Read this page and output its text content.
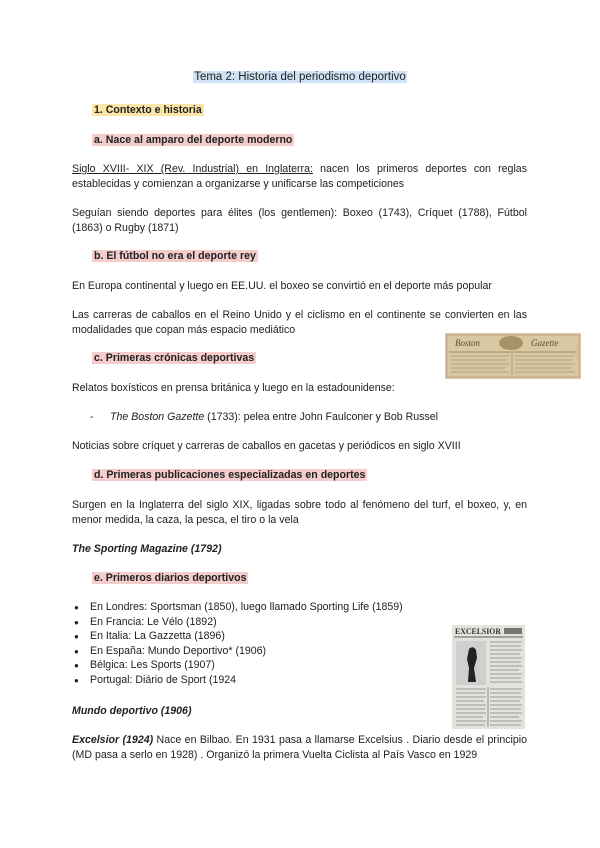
Tema 2: Historia del periodismo deportivo
1. Contexto e historia
a. Nace al amparo del deporte moderno
Siglo XVIII- XIX (Rev. Industrial) en Inglaterra: nacen los primeros deportes con reglas establecidas y comienzan a organizarse y unificarse las competiciones
Seguían siendo deportes para élites (los gentlemen): Boxeo (1743), Críquet (1788), Fútbol (1863) o Rugby (1871)
b. El fútbol no era el deporte rey
En Europa continental y luego en EE.UU. el boxeo se convirtió en el deporte más popular
Las carreras de caballos en el Reino Unido y el ciclismo en el continente se convierten en las modalidades que copan más espacio mediático
c. Primeras crónicas deportivas
Boston	Gazette
Relatos boxísticos en prensa británica y luego en la estadounidense:
- The Boston Gazette (1733): pelea entre John Faulconer y Bob Russel
Noticias sobre críquet y carreras de caballos en gacetas y periódicos en siglo XVIII
d. Primeras publicaciones especializadas en deportes
Surgen en la Inglaterra del siglo XIX, ligadas sobre todo al fenómeno del turf, el boxeo, y, en menor medida, la caza, la pesca, el tiro o la vela
The Sporting Magazine (1792)
e. Primeros diarios deportivos
● En Londres: Sportsman (1850), luego llamado Sporting Life (1859)
● En Francia: Le Vélo (1892)
● En Italia: La Gazzetta (1896)
● En España: Mundo Deportivo* (1906)
● Bélgica: Les Sports (1907)
● Portugal: Diário de Sport (1924
EXCELSIOR
Mundo deportivo (1906)
Excelsior (1924) Nace en Bilbao. En 1931 pasa a llamarse Excelsius . Diario desde el principio (MD pasa a serlo en 1928) . Organizó la primera Vuelta Ciclista al País Vasco en 1929
